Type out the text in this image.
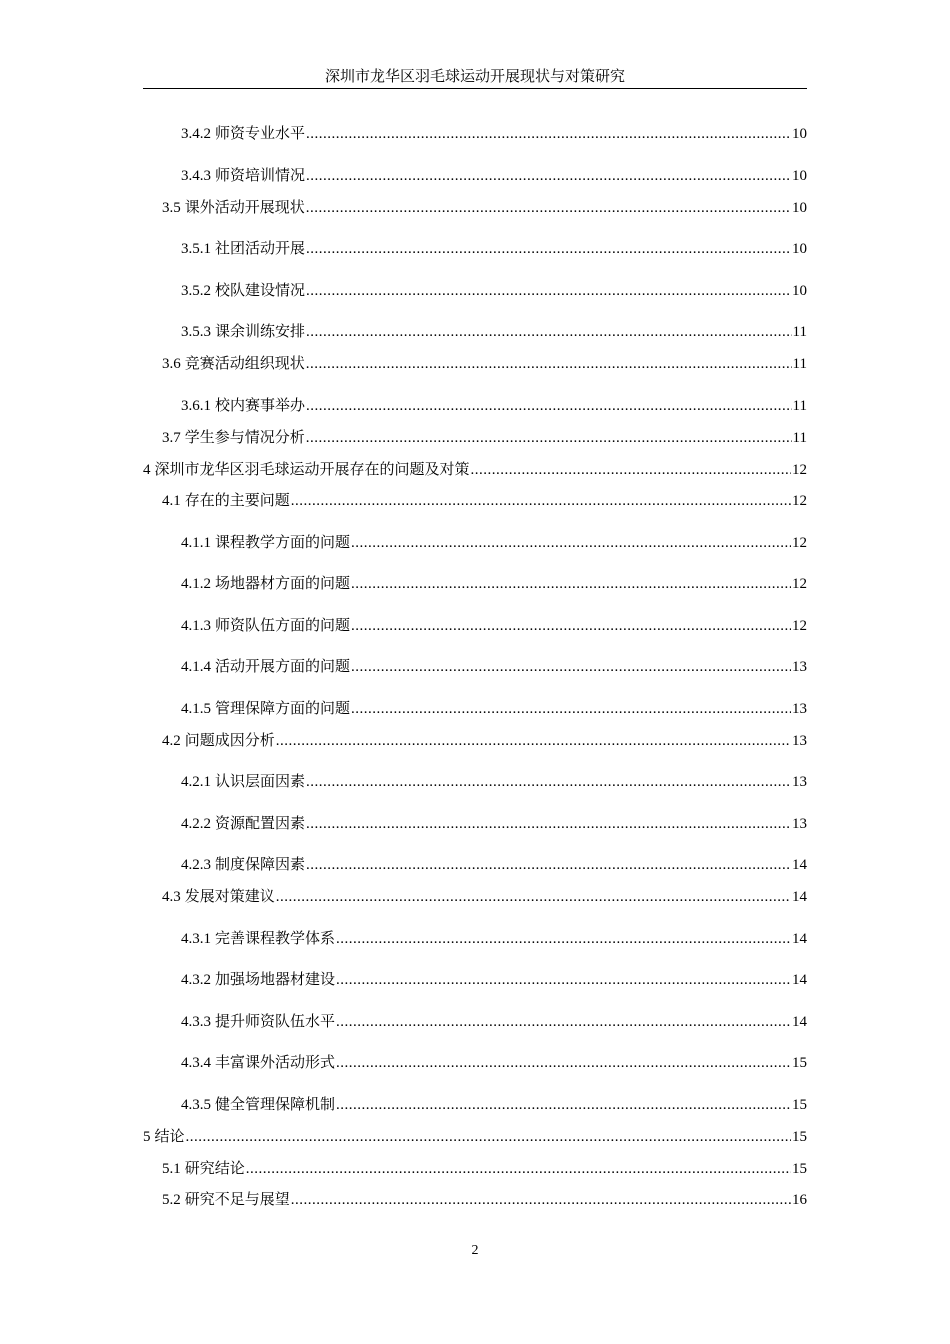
深圳市龙华区羽毛球运动开展现状与对策研究
3.4.2 师资专业水平 .....	10
3.4.3 师资培训情况 .....	10
3.5 课外活动开展现状 .....	10
3.5.1 社团活动开展 .....	10
3.5.2 校队建设情况 .....	10
3.5.3 课余训练安排 .....	11
3.6 竞赛活动组织现状 .....	11
3.6.1 校内赛事举办 .....	11
3.7 学生参与情况分析 .....	11
4 深圳市龙华区羽毛球运动开展存在的问题及对策 .....	12
4.1 存在的主要问题 .....	12
4.1.1 课程教学方面的问题 .....	12
4.1.2 场地器材方面的问题 .....	12
4.1.3 师资队伍方面的问题 .....	12
4.1.4 活动开展方面的问题 .....	13
4.1.5 管理保障方面的问题 .....	13
4.2 问题成因分析 .....	13
4.2.1 认识层面因素 .....	13
4.2.2 资源配置因素 .....	13
4.2.3 制度保障因素 .....	14
4.3 发展对策建议 .....	14
4.3.1 完善课程教学体系 .....	14
4.3.2 加强场地器材建设 .....	14
4.3.3 提升师资队伍水平 .....	14
4.3.4 丰富课外活动形式 .....	15
4.3.5 健全管理保障机制 .....	15
5 结论 .....	15
5.1 研究结论 .....	15
5.2 研究不足与展望 .....	16
2
